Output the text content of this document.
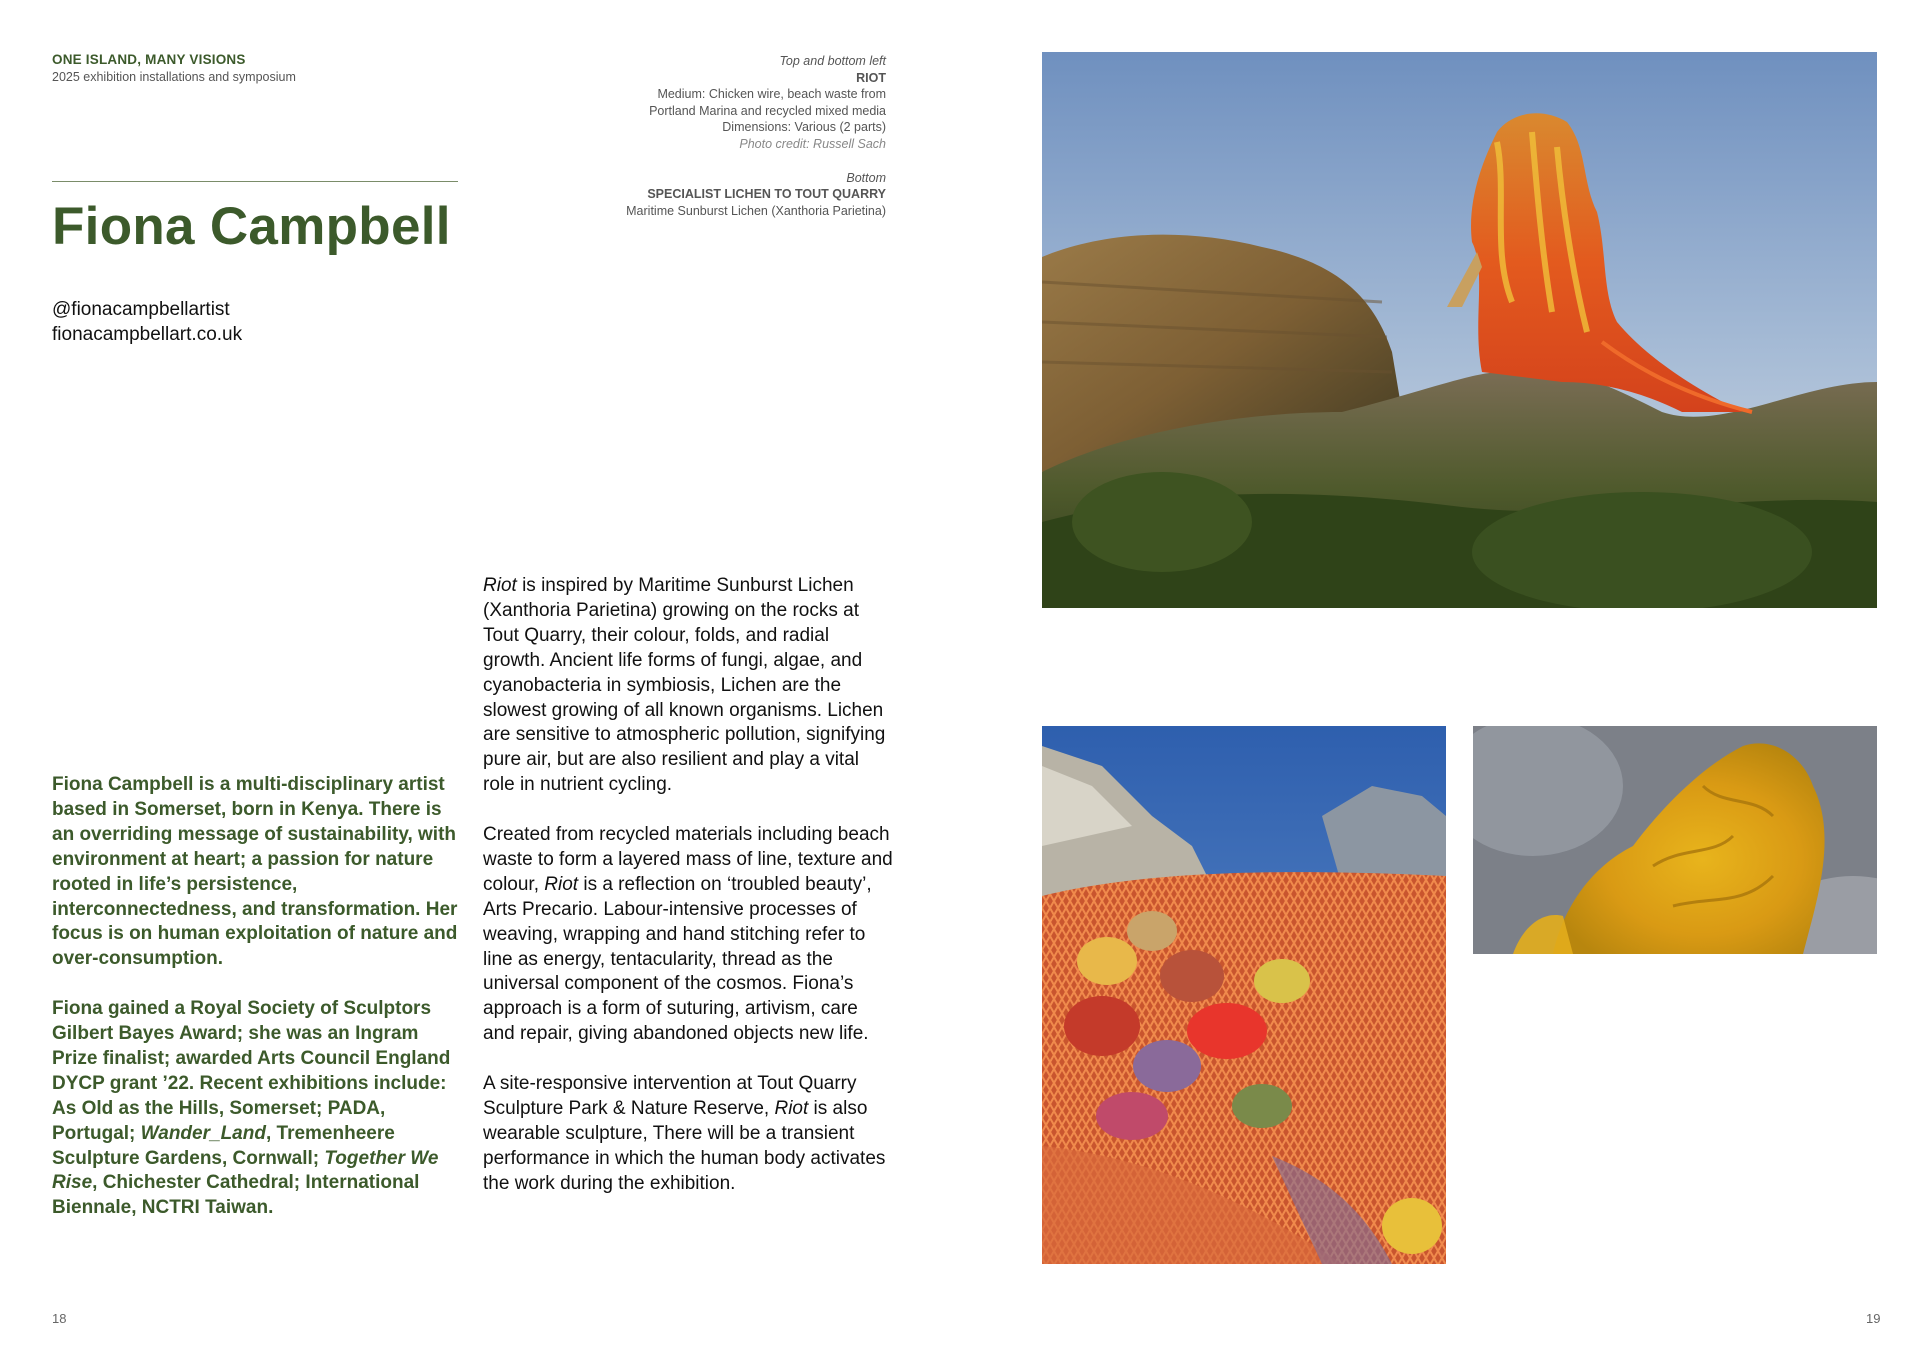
ONE ISLAND, MANY VISIONS
2025 exhibition installations and symposium
Top and bottom left
RIOT
Medium: Chicken wire, beach waste from
Portland Marina and recycled mixed media
Dimensions: Various (2 parts)
Photo credit: Russell Sach
Bottom
SPECIALIST LICHEN TO TOUT QUARRY
Maritime Sunburst Lichen (Xanthoria Parietina)
Fiona Campbell
@fionacampbellartist
fionacampbellart.co.uk

Fiona Campbell is a multi-disciplinary artist based in Somerset, born in Kenya. There is an overriding message of sustainability, with environment at heart; a passion for nature rooted in life’s persistence, interconnectedness, and transformation. Her focus is on human exploitation of nature and over-consumption.

Fiona gained a Royal Society of Sculptors Gilbert Bayes Award; she was an Ingram Prize finalist; awarded Arts Council England DYCP grant ’22. Recent exhibitions include: As Old as the Hills, Somerset; PADA, Portugal; Wander_Land, Tremenheere Sculpture Gardens, Cornwall; Together We Rise, Chichester Cathedral; International Biennale, NCTRI Taiwan.

Riot is inspired by Maritime Sunburst Lichen (Xanthoria Parietina) growing on the rocks at Tout Quarry, their colour, folds, and radial growth. Ancient life forms of fungi, algae, and cyanobacteria in symbiosis, Lichen are the slowest growing of all known organisms. Lichen are sensitive to atmospheric pollution, signifying pure air, but are also resilient and play a vital role in nutrient cycling.

Created from recycled materials including beach waste to form a layered mass of line, texture and colour, Riot is a reflection on ‘troubled beauty’, Arts Precario. Labour-intensive processes of weaving, wrapping and hand stitching refer to line as energy, tentacularity, thread as the universal component of the cosmos. Fiona’s approach is a form of suturing, artivism, care and repair, giving abandoned objects new life.

A site-responsive intervention at Tout Quarry Sculpture Park & Nature Reserve, Riot is also wearable sculpture, There will be a transient performance in which the human body activates the work during the exhibition.

18	19
